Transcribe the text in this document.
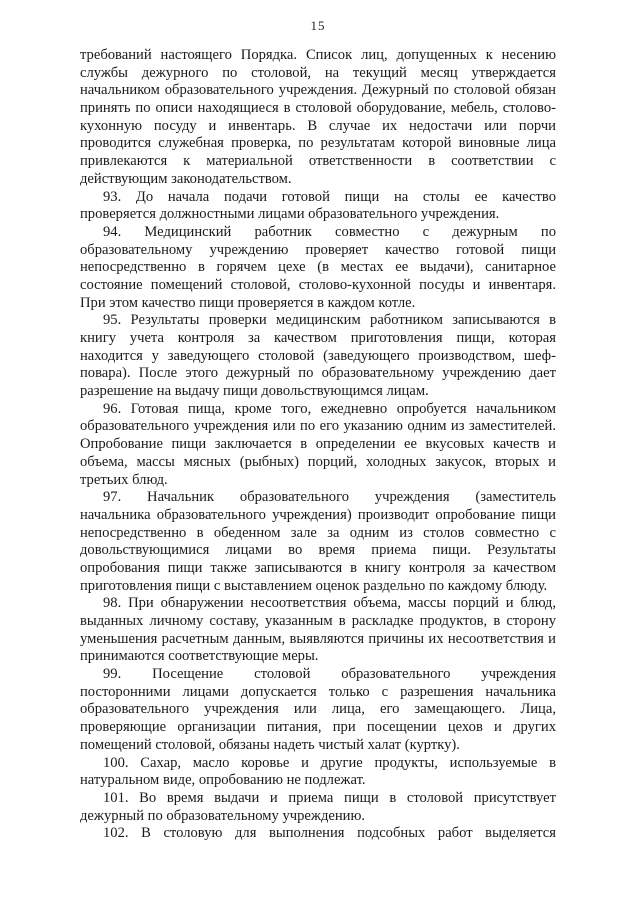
15
требований настоящего Порядка. Список лиц, допущенных к несению
службы дежурного по столовой, на текущий месяц утверждается
начальником образовательного учреждения. Дежурный по столовой обязан
принять по описи находящиеся в столовой оборудование, мебель, столово-
кухонную посуду и инвентарь. В случае их недостачи или порчи
проводится служебная проверка, по результатам которой виновные лица
привлекаются к материальной ответственности в соответствии с
действующим законодательством.
93. До начала подачи готовой пищи на столы ее качество
проверяется должностными лицами образовательного учреждения.
94. Медицинский работник совместно с дежурным по
образовательному учреждению проверяет качество готовой пищи
непосредственно в горячем цехе (в местах ее выдачи), санитарное
состояние помещений столовой, столово-кухонной посуды и инвентаря.
При этом качество пищи проверяется в каждом котле.
95. Результаты проверки медицинским работником записываются в
книгу учета контроля за качеством приготовления пищи, которая
находится у заведующего столовой (заведующего производством, шеф-
повара). После этого дежурный по образовательному учреждению дает
разрешение на выдачу пищи довольствующимся лицам.
96. Готовая пища, кроме того, ежедневно опробуется начальником
образовательного учреждения или по его указанию одним из заместителей.
Опробование пищи заключается в определении ее вкусовых качеств и
объема, массы мясных (рыбных) порций, холодных закусок, вторых и
третьих блюд.
97. Начальник образовательного учреждения (заместитель
начальника образовательного учреждения) производит опробование пищи
непосредственно в обеденном зале за одним из столов совместно с
довольствующимися лицами во время приема пищи. Результаты
опробования пищи также записываются в книгу контроля за качеством
приготовления пищи с выставлением оценок раздельно по каждому блюду.
98. При обнаружении несоответствия объема, массы порций и блюд,
выданных личному составу, указанным в раскладке продуктов, в сторону
уменьшения расчетным данным, выявляются причины их несоответствия и
принимаются соответствующие меры.
99. Посещение столовой образовательного учреждения
посторонними лицами допускается только с разрешения начальника
образовательного учреждения или лица, его замещающего. Лица,
проверяющие организации питания, при посещении цехов и других
помещений столовой, обязаны надеть чистый халат (куртку).
100. Сахар, масло коровье и другие продукты, используемые в
натуральном виде, опробованию не подлежат.
101. Во время выдачи и приема пищи в столовой присутствует
дежурный по образовательному учреждению.
102. В столовую для выполнения подсобных работ выделяется
